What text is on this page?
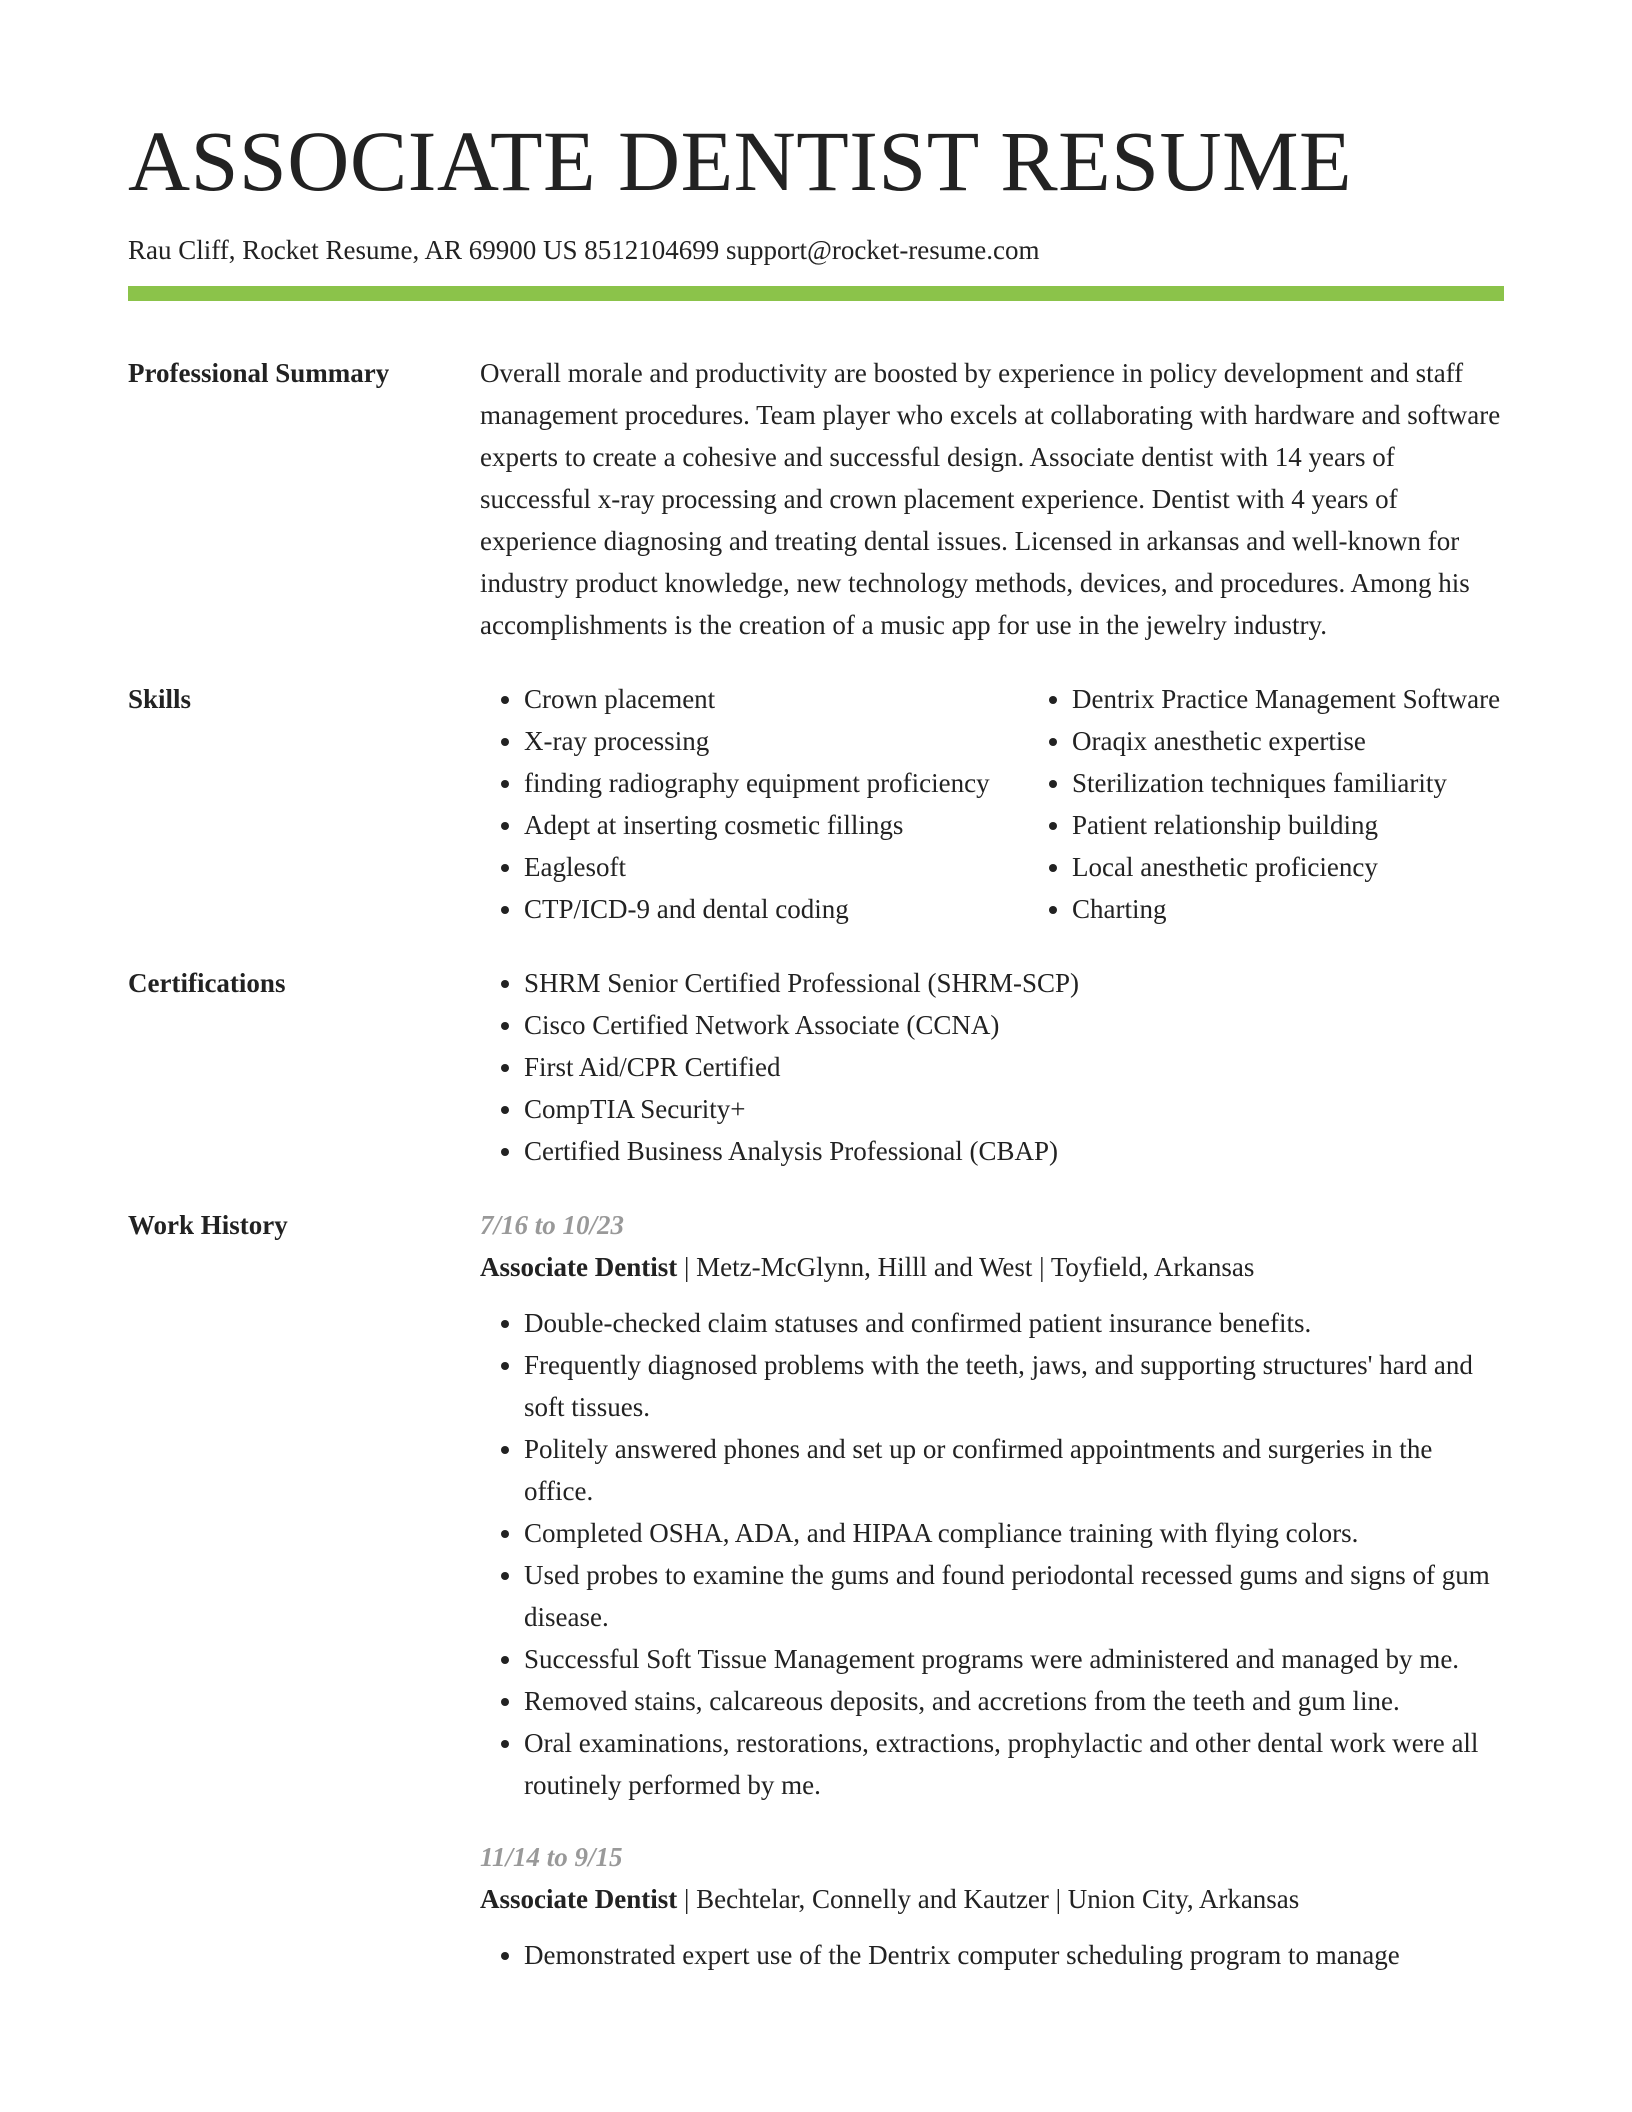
ASSOCIATE DENTIST RESUME

Rau Cliff, Rocket Resume, AR 69900 US 8512104699 support@rocket-resume.com

Professional Summary	Overall morale and productivity are boosted by experience in policy development and staff management procedures. Team player who excels at collaborating with hardware and software experts to create a cohesive and successful design. Associate dentist with 14 years of successful x-ray processing and crown placement experience. Dentist with 4 years of experience diagnosing and treating dental issues. Licensed in arkansas and well-known for industry product knowledge, new technology methods, devices, and procedures. Among his accomplishments is the creation of a music app for use in the jewelry industry.

Skills	• Crown placement
• X-ray processing
• finding radiography equipment proficiency
• Adept at inserting cosmetic fillings
• Eaglesoft
• CTP/ICD-9 and dental coding
• Dentrix Practice Management Software
• Oraqix anesthetic expertise
• Sterilization techniques familiarity
• Patient relationship building
• Local anesthetic proficiency
• Charting
Certifications	• SHRM Senior Certified Professional (SHRM-SCP)
• Cisco Certified Network Associate (CCNA)
• First Aid/CPR Certified
• CompTIA Security+
• Certified Business Analysis Professional (CBAP)
Work History	7/16 to 10/23
Associate Dentist | Metz-McGlynn, Hilll and West | Toyfield, Arkansas
• Double-checked claim statuses and confirmed patient insurance benefits.
• Frequently diagnosed problems with the teeth, jaws, and supporting structures' hard and soft tissues.
• Politely answered phones and set up or confirmed appointments and surgeries in the office.
• Completed OSHA, ADA, and HIPAA compliance training with flying colors.
• Used probes to examine the gums and found periodontal recessed gums and signs of gum disease.
• Successful Soft Tissue Management programs were administered and managed by me.
• Removed stains, calcareous deposits, and accretions from the teeth and gum line.
• Oral examinations, restorations, extractions, prophylactic and other dental work were all routinely performed by me.
11/14 to 9/15
Associate Dentist | Bechtelar, Connelly and Kautzer | Union City, Arkansas
• Demonstrated expert use of the Dentrix computer scheduling program to manage
